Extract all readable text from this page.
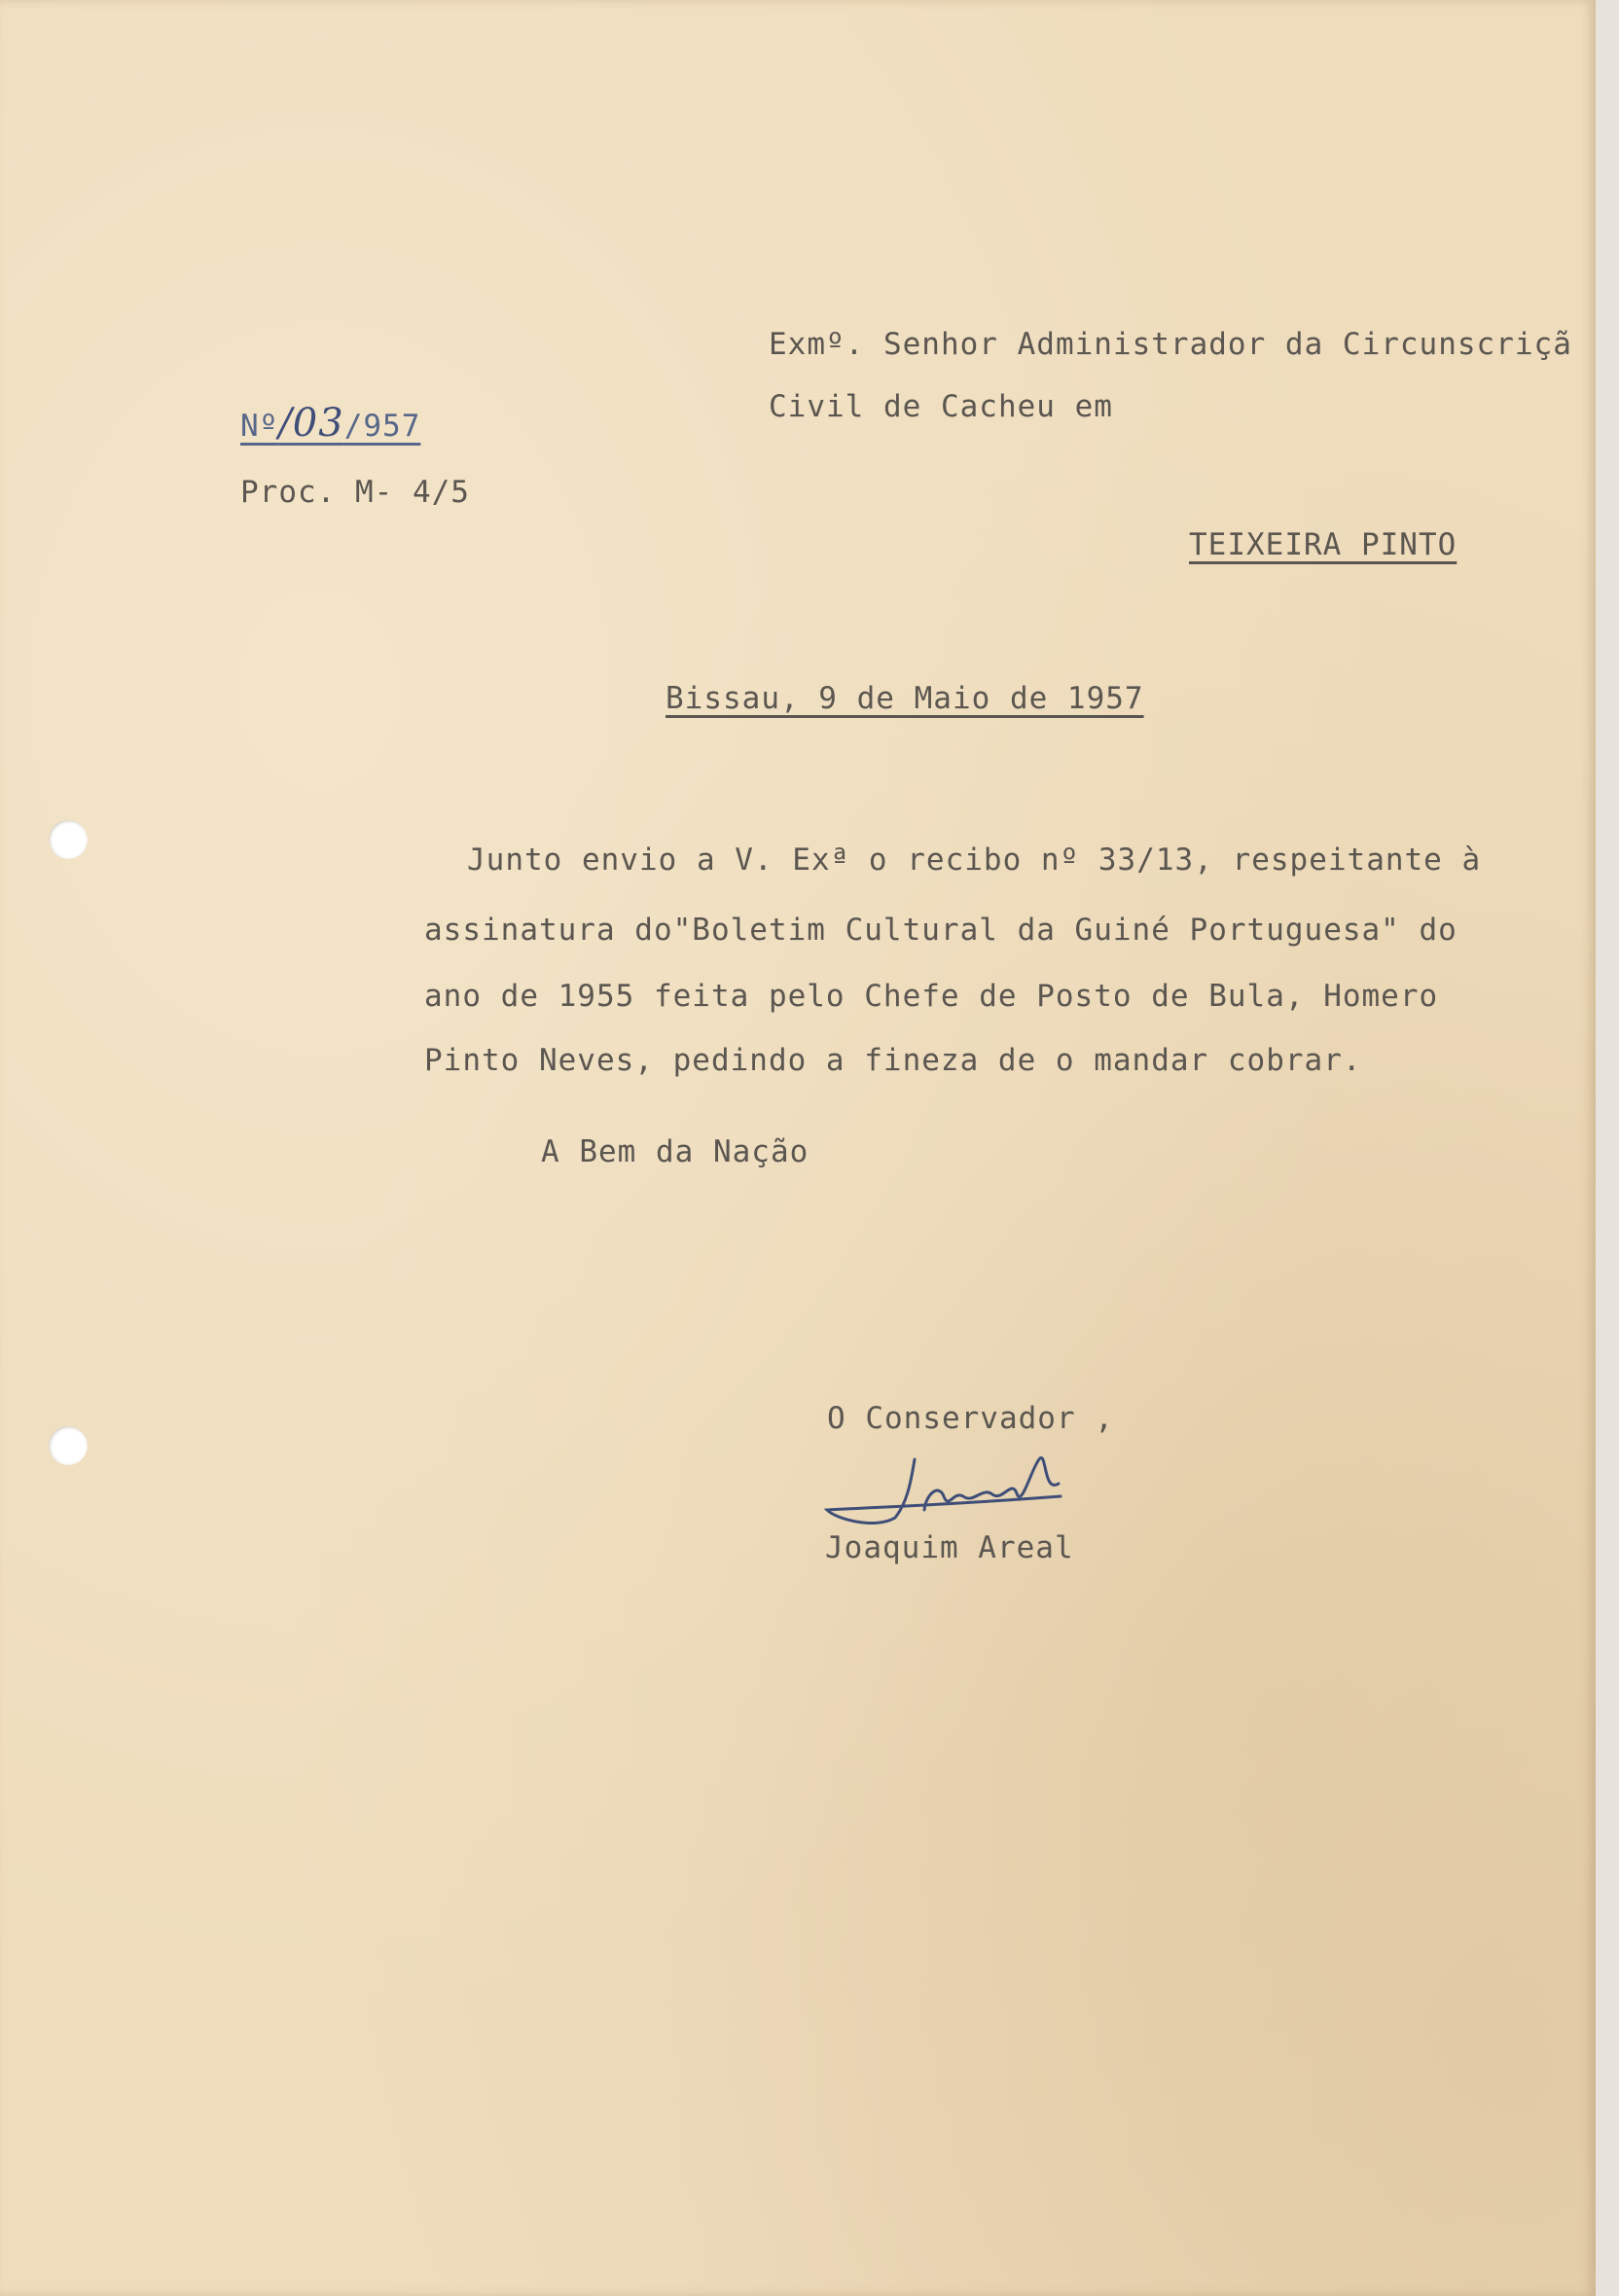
Exmº. Senhor Administrador da Circunscriçã
Civil de Cacheu em
Nº/03/957
Proc. M- 4/5
TEIXEIRA PINTO
Bissau, 9 de Maio de 1957
Junto envio a V. Exª o recibo nº 33/13, respeitante à
assinatura do"Boletim Cultural da Guiné Portuguesa" do
ano de 1955 feita pelo Chefe de Posto de Bula, Homero
Pinto Neves, pedindo a fineza de o mandar cobrar.
A Bem da Nação
O Conservador ,
Joaquim Areal
